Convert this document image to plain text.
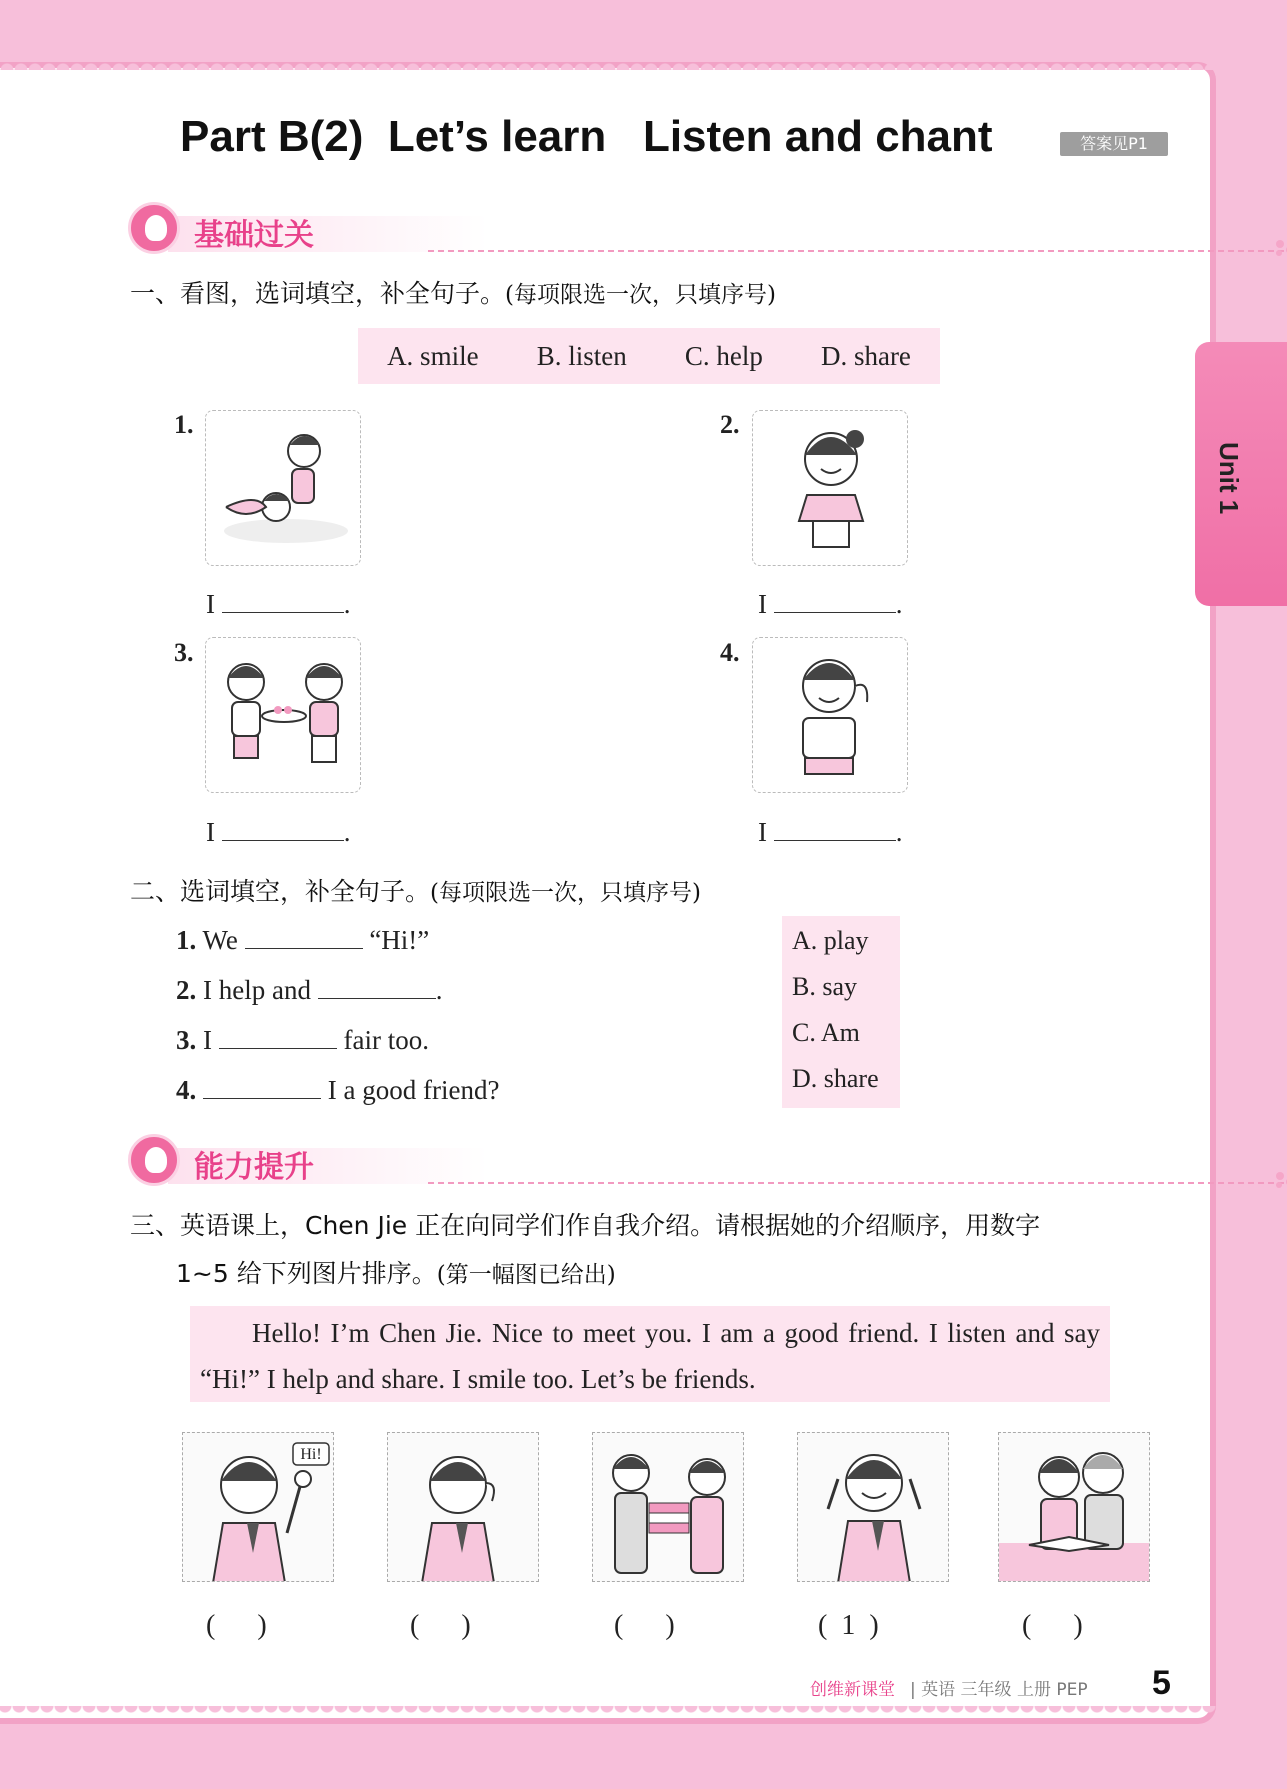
Unit 1
Part B(2)  Let’s learn   Listen and chant	答案见P1
基础过关
一、看图，选词填空，补全句子。(每项限选一次，只填序号)
A. smile B. listen C. help D. share
1.
I	.
2.
I	.
3.
I	.
4.
I	.
二、选词填空，补全句子。(每项限选一次，只填序号)
1. We	“Hi!”
2. I help and	.
3. I	fair too.
4.	I a good friend?
A. play
B. say
C. Am
D. share
能力提升
三、英语课上，Chen Jie 正在向同学们作自我介绍。请根据她的介绍顺序，用数字
1~5 给下列图片排序。(第一幅图已给出)

Hello! I’m Chen Jie. Nice to meet you. I am a good friend. I listen and say “Hi!” I help and share. I smile too. Let’s be friends.

Hi!
(      )	(      )	(      )	(  1  )	(      )
创维新课堂 | 英语 三年级 上册 PEP 5
